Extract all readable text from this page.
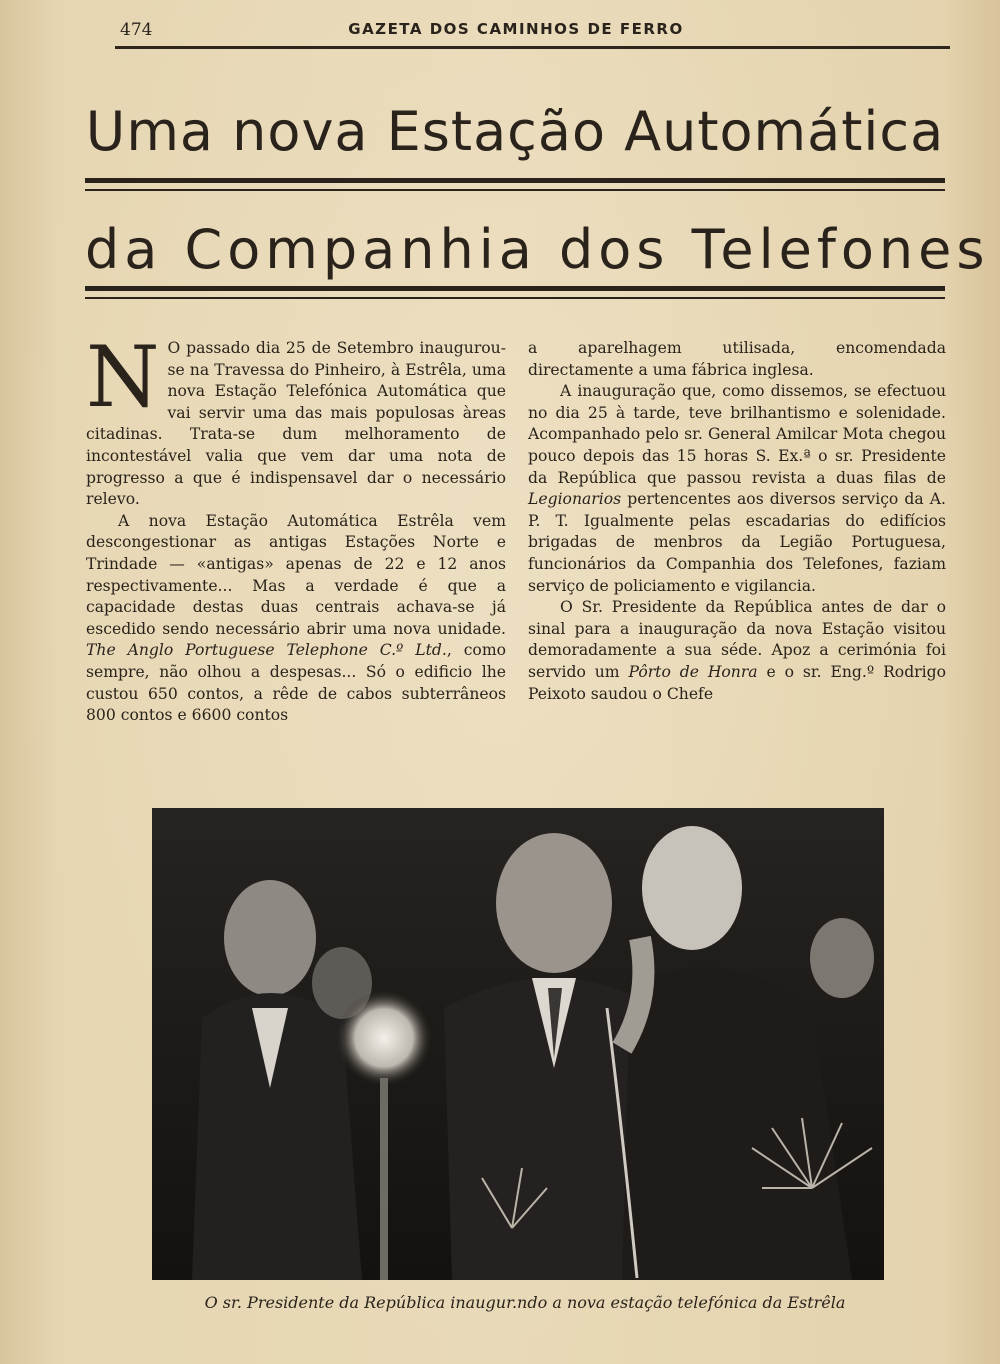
474	GAZETA DOS CAMINHOS DE FERRO
Uma nova Estação Automática
da Companhia dos Telefones

N O passado dia 25 de Setembro inaugurou-se na Travessa do Pinheiro, à Estrêla, uma nova Estação Telefónica Automática que vai servir uma das mais populosas àreas citadinas. Trata-se dum melhoramento de incontestável valia que vem dar uma nota de progresso a que é indispensavel dar o necessário relevo.

A nova Estação Automática Estrêla vem descongestionar as antigas Estações Norte e Trindade — «antigas» apenas de 22 e 12 anos respectivamente... Mas a verdade é que a capacidade destas duas centrais achava-se já escedido sendo necessário abrir uma nova unidade. The Anglo Portuguese Telephone C.º Ltd., como sempre, não olhou a despesas... Só o edificio lhe custou 650 contos, a rêde de cabos subterrâneos 800 contos e 6600 contos

a aparelhagem utilisada, encomendada directamente a uma fábrica inglesa.

A inauguração que, como dissemos, se efectuou no dia 25 à tarde, teve brilhantismo e solenidade. Acompanhado pelo sr. General Amilcar Mota chegou pouco depois das 15 horas S. Ex.ª o sr. Presidente da República que passou revista a duas filas de Legionarios pertencentes aos diversos serviço da A. P. T. Igualmente pelas escadarias do edifícios brigadas de menbros da Legião Portuguesa, funcionários da Companhia dos Telefones, faziam serviço de policiamento e vigilancia.

O Sr. Presidente da República antes de dar o sinal para a inauguração da nova Estação visitou demoradamente a sua séde. Apoz a cerimónia foi servido um Pôrto de Honra e o sr. Eng.º Rodrigo Peixoto saudou o Chefe

O sr. Presidente da República inaugur.ndo a nova estação telefónica da Estrêla
